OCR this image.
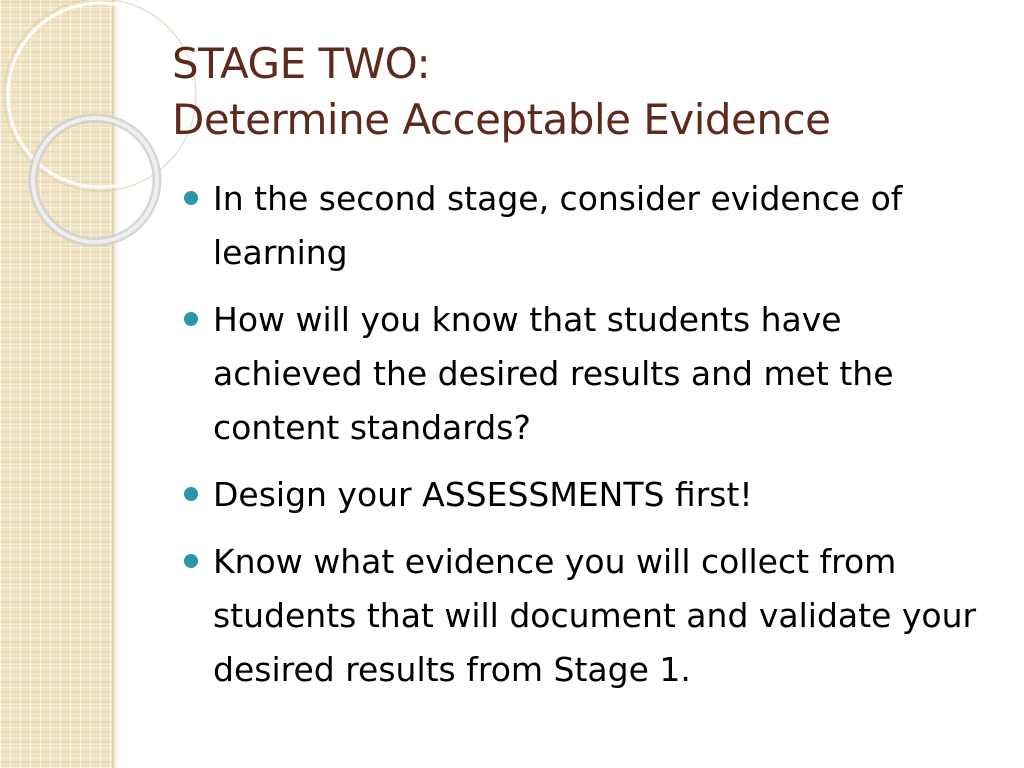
STAGE TWO:
Determine Acceptable Evidence
In the second stage, consider evidence of learning
How will you know that students have achieved the desired results and met the content standards?
Design your ASSESSMENTS first!
Know what evidence you will collect from students that will document and validate your desired results from Stage 1.
